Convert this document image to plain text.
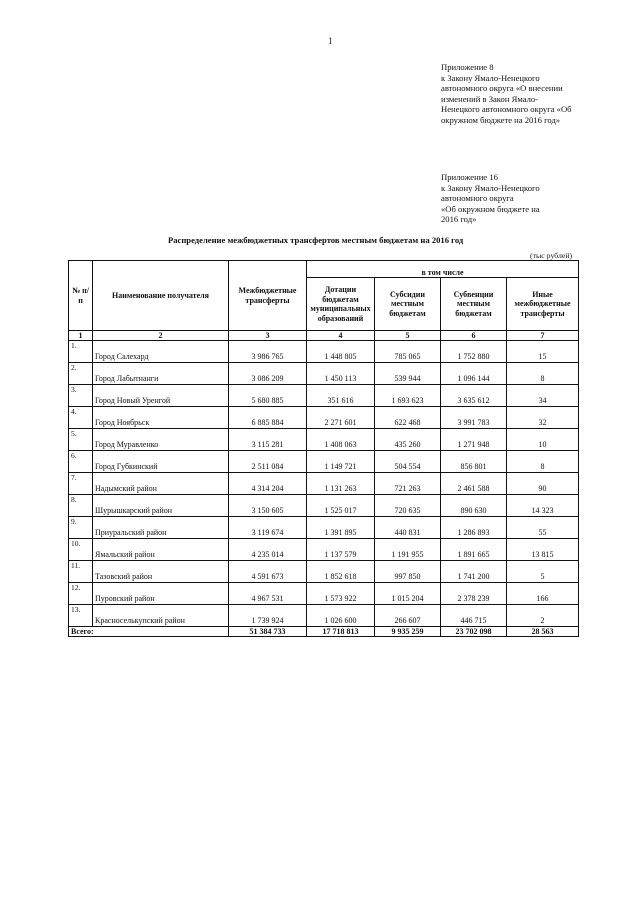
1
Приложение 8
к Закону Ямало-Ненецкого
автономного округа «О внесении
изменений в Закон Ямало-
Ненецкого автономного округа «Об
окружном бюджете на 2016 год»
Приложение 16
к Закону Ямало-Ненецкого
автономного округа
«Об окружном бюджете на
2016 год»
Распределение межбюджетных трансфертов местным бюджетам на 2016 год
(тыс рублей)
№ п/п	Наименование получателя	Межбюджетные трансферты	в том числе			
			Дотации бюджетам муниципальных образований	Субсидии местным бюджетам	Субвенции местным бюджетам	Иные межбюджетные трансферты
1	2	3	4	5	6	7
1.	Город Салехард	3 986 765	1 448 805	785 065	1 752 880	15
2.	Город Лабытнанги	3 086 209	1 450 113	539 944	1 096 144	8
3.	Город Новый Уренгой	5 680 885	351 616	1 693 623	3 635 612	34
4.	Город Ноябрьск	6 885 884	2 271 601	622 468	3 991 783	32
5.	Город Муравленко	3 115 281	1 408 063	435 260	1 271 948	10
6.	Город Губкинский	2 511 084	1 149 721	504 554	856 801	8
7.	Надымский район	4 314 204	1 131 263	721 263	2 461 588	90
8.	Шурышкарский район	3 150 605	1 525 017	720 635	890 630	14 323
9.	Приуральский район	3 119 674	1 391 895	440 831	1 286 893	55
10.	Ямальский район	4 235 014	1 137 579	1 191 955	1 891 665	13 815
11.	Тазовский район	4 591 673	1 852 618	997 850	1 741 200	5
12.	Пуровский район	4 967 531	1 573 922	1 015 204	2 378 239	166
13.	Красноселькупский район	1 739 924	1 026 600	266 607	446 715	2
Всего:		51 384 733	17 718 813	9 935 259	23 702 098	28 563
